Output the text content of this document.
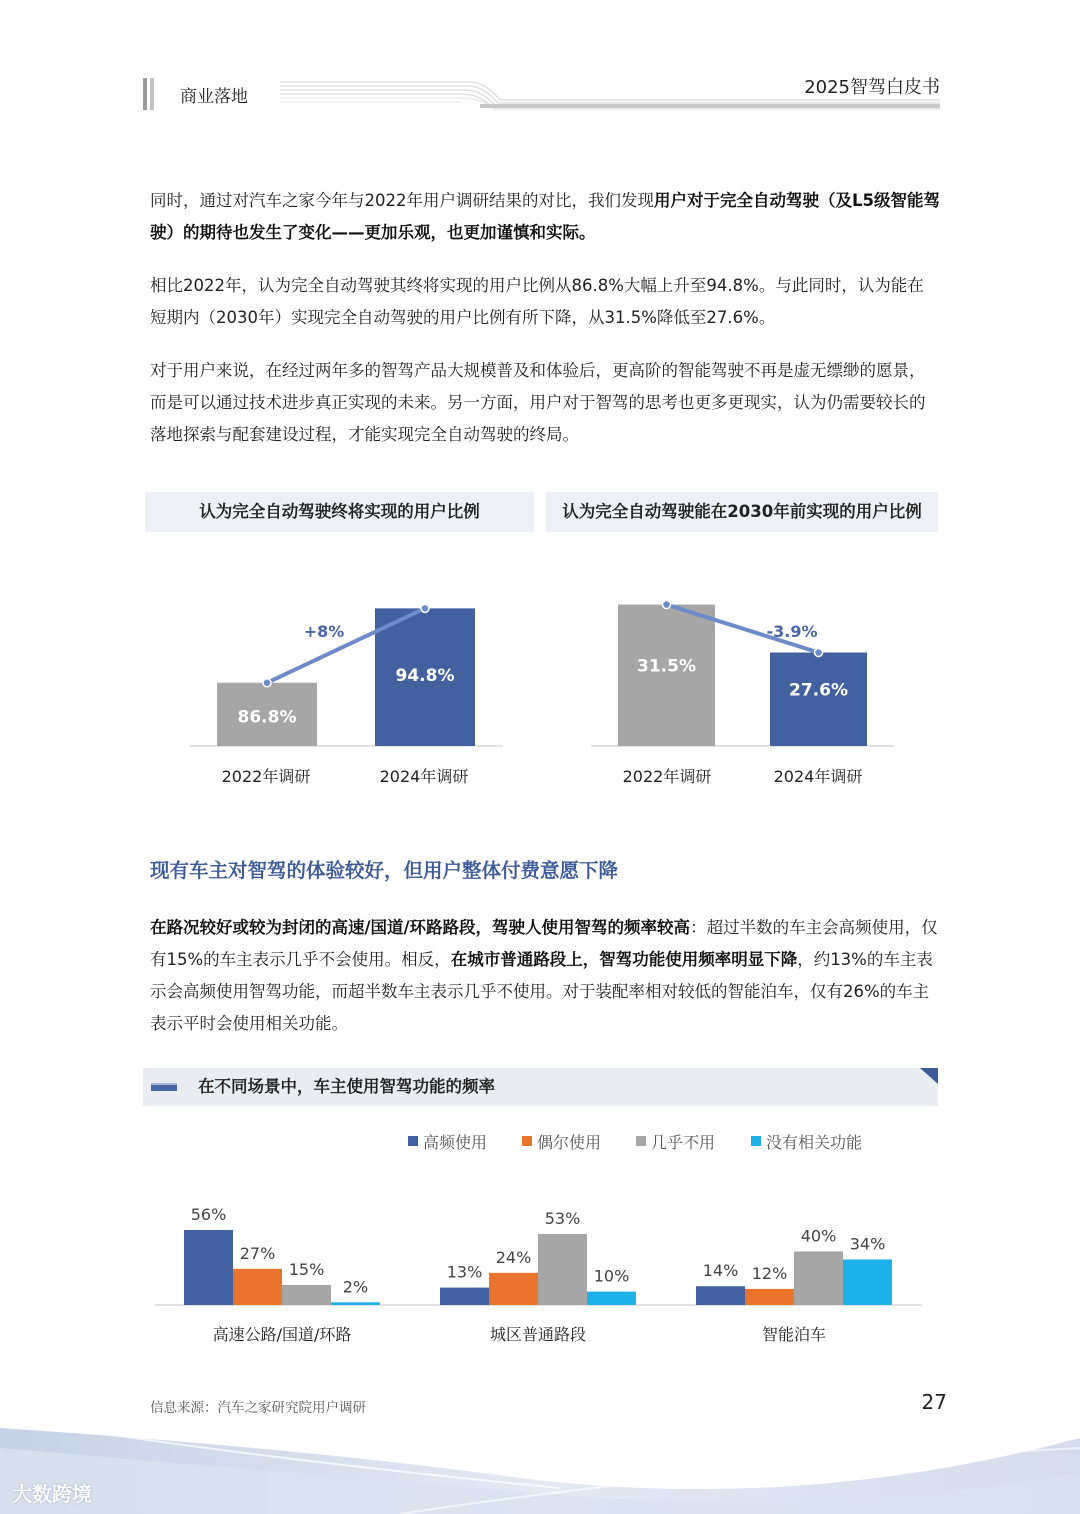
商业落地	2025智驾白皮书
同时，通过对汽车之家今年与2022年用户调研结果的对比，我们发现用户对于完全自动驾驶（及L5级智能驾驶）的期待也发生了变化——更加乐观，也更加谨慎和实际。
相比2022年，认为完全自动驾驶其终将实现的用户比例从86.8%大幅上升至94.8%。与此同时，认为能在短期内（2030年）实现完全自动驾驶的用户比例有所下降，从31.5%降低至27.6%。
对于用户来说，在经过两年多的智驾产品大规模普及和体验后，更高阶的智能驾驶不再是虚无缥缈的愿景，而是可以通过技术进步真正实现的未来。另一方面，用户对于智驾的思考也更多更现实，认为仍需要较长的落地探索与配套建设过程，才能实现完全自动驾驶的终局。
认为完全自动驾驶终将实现的用户比例	认为完全自动驾驶能在2030年前实现的用户比例
86.8%
94.8%
+8%
2022年调研	2024年调研
31.5%
27.6%
-3.9%
2022年调研	2024年调研
现有车主对智驾的体验较好，但用户整体付费意愿下降
在路况较好或较为封闭的高速/国道/环路路段，驾驶人使用智驾的频率较高：超过半数的车主会高频使用，仅有15%的车主表示几乎不会使用。相反，在城市普通路段上，智驾功能使用频率明显下降，约13%的车主表示会高频使用智驾功能，而超半数车主表示几乎不使用。对于装配率相对较低的智能泊车，仅有26%的车主表示平时会使用相关功能。
在不同场景中，车主使用智驾功能的频率
高频使用	偶尔使用	几乎不用	没有相关功能
56%
27%
15%
2%
13%
24%
53%
10%	14% 12%
40% 34%
高速公路/国道/环路	城区普通路段	智能泊车
信息来源：汽车之家研究院用户调研	27
大数跨境
